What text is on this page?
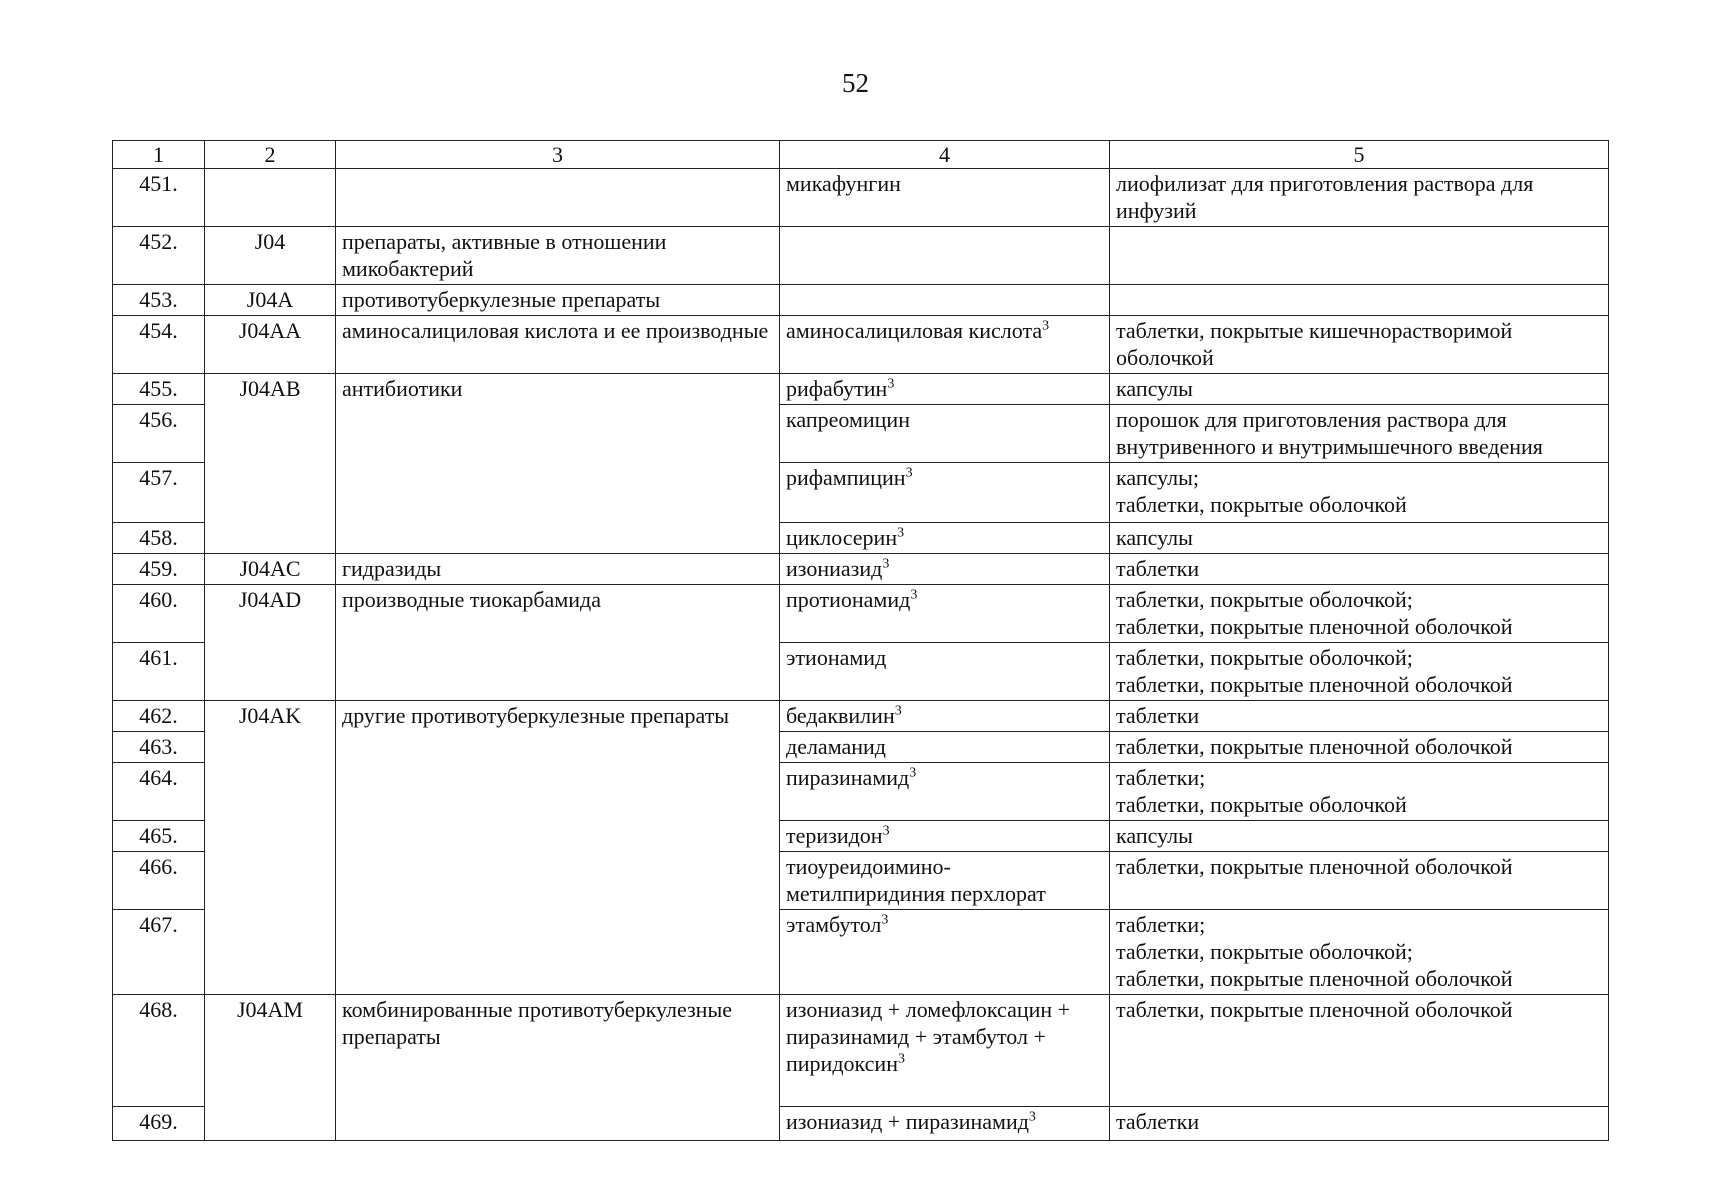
52
1	2	3	4	5
451.			микафунгин	лиофилизат для приготовления раствора для инфузий

452.	J04	препараты, активные в отношении микобактерий		
453.	J04A	противотуберкулезные препараты		
454.	J04AA	аминосалициловая кислота и ее производные	аминосалициловая кислота$^3$	таблетки, покрытые кишечнорастворимой оболочкой

455.	J04AB	антибиотики	рифабутин$^3$	капсулы

456.			капреомицин	порошок для приготовления раствора для внутривенного и внутримышечного введения

457.			рифампицин$^3$	капсулы;
таблетки, покрытые оболочкой

458.			циклосерин$^3$	капсулы

459.	J04AC	гидразиды	изониазид$^3$	таблетки

460.	J04AD	производные тиокарбамида	протионамид$^3$	таблетки, покрытые оболочкой;
таблетки, покрытые пленочной оболочкой

461.			этионамид	таблетки, покрытые оболочкой;
таблетки, покрытые пленочной оболочкой

462.	J04AK	другие противотуберкулезные препараты	бедаквилин$^3$	таблетки

463.			деламанид	таблетки, покрытые пленочной оболочкой

464.			пиразинамид$^3$	таблетки;
таблетки, покрытые оболочкой

465.			теризидон$^3$	капсулы

466.			тиоуреидоимино-метилпиридиния перхлорат	таблетки, покрытые пленочной оболочкой

467.			этамбутол$^3$	таблетки;
таблетки, покрытые оболочкой;
таблетки, покрытые пленочной оболочкой

468.	J04AM	комбинированные противотуберкулезные препараты	изониазид + ломефлоксацин + пиразинамид + этамбутол + пиридоксин$^3$	таблетки, покрытые пленочной оболочкой

469.			изониазид + пиразинамид$^3$	таблетки
